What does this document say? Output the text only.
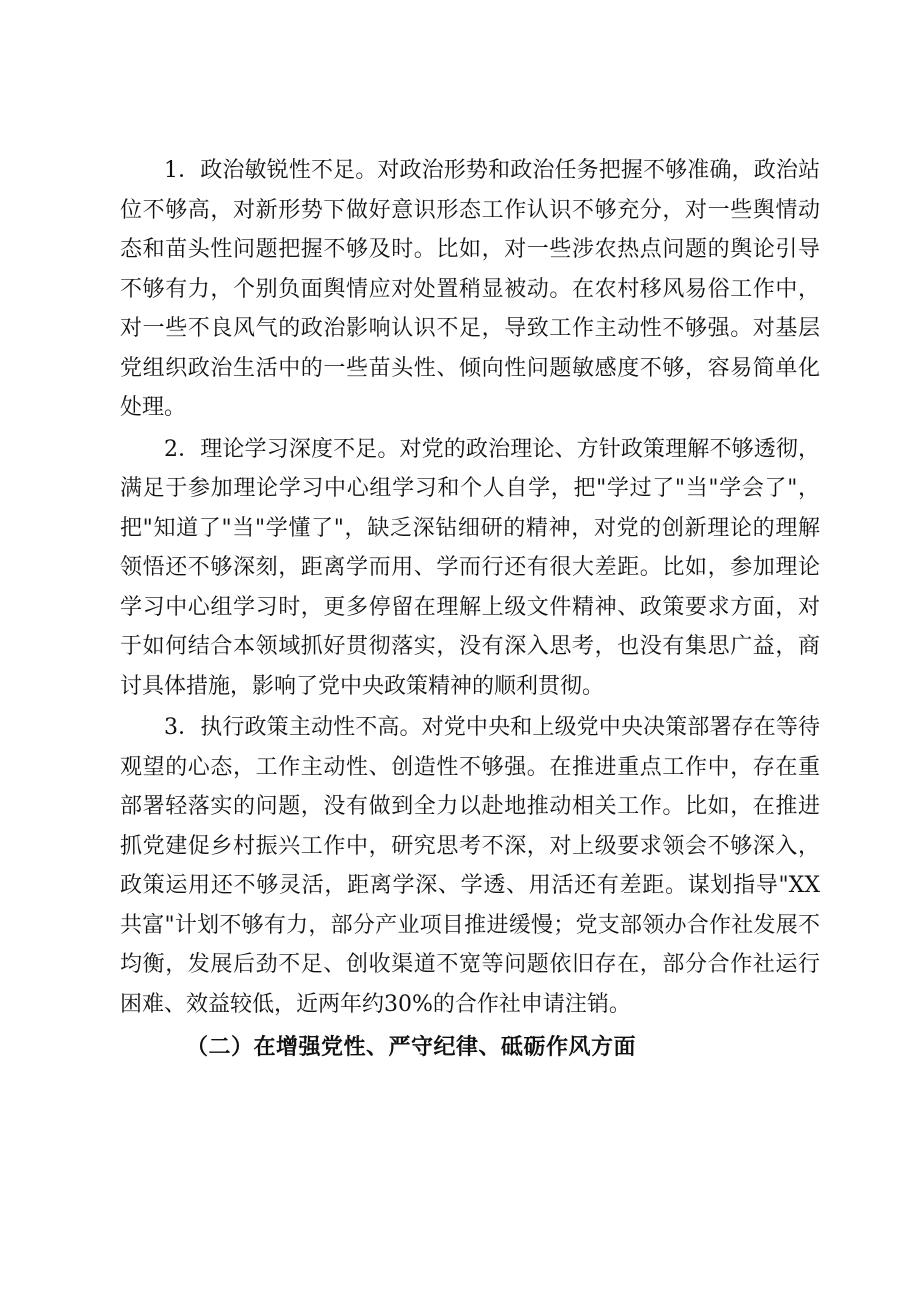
1．政治敏锐性不足。对政治形势和政治任务把握不够准确，政治站位不够高，对新形势下做好意识形态工作认识不够充分，对一些舆情动态和苗头性问题把握不够及时。比如，对一些涉农热点问题的舆论引导不够有力，个别负面舆情应对处置稍显被动。在农村移风易俗工作中，对一些不良风气的政治影响认识不足，导致工作主动性不够强。对基层党组织政治生活中的一些苗头性、倾向性问题敏感度不够，容易简单化处理。

2．理论学习深度不足。对党的政治理论、方针政策理解不够透彻，满足于参加理论学习中心组学习和个人自学，把"学过了"当"学会了"，把"知道了"当"学懂了"，缺乏深钻细研的精神，对党的创新理论的理解领悟还不够深刻，距离学而用、学而行还有很大差距。比如，参加理论学习中心组学习时，更多停留在理解上级文件精神、政策要求方面，对于如何结合本领域抓好贯彻落实，没有深入思考，也没有集思广益，商讨具体措施，影响了党中央政策精神的顺利贯彻。

3．执行政策主动性不高。对党中央和上级党中央决策部署存在等待观望的心态，工作主动性、创造性不够强。在推进重点工作中，存在重部署轻落实的问题，没有做到全力以赴地推动相关工作。比如，在推进抓党建促乡村振兴工作中，研究思考不深，对上级要求领会不够深入，政策运用还不够灵活，距离学深、学透、用活还有差距。谋划指导"XX共富"计划不够有力，部分产业项目推进缓慢；党支部领办合作社发展不均衡，发展后劲不足、创收渠道不宽等问题依旧存在，部分合作社运行困难、效益较低，近两年约30%的合作社申请注销。

（二）在增强党性、严守纪律、砥砺作风方面
